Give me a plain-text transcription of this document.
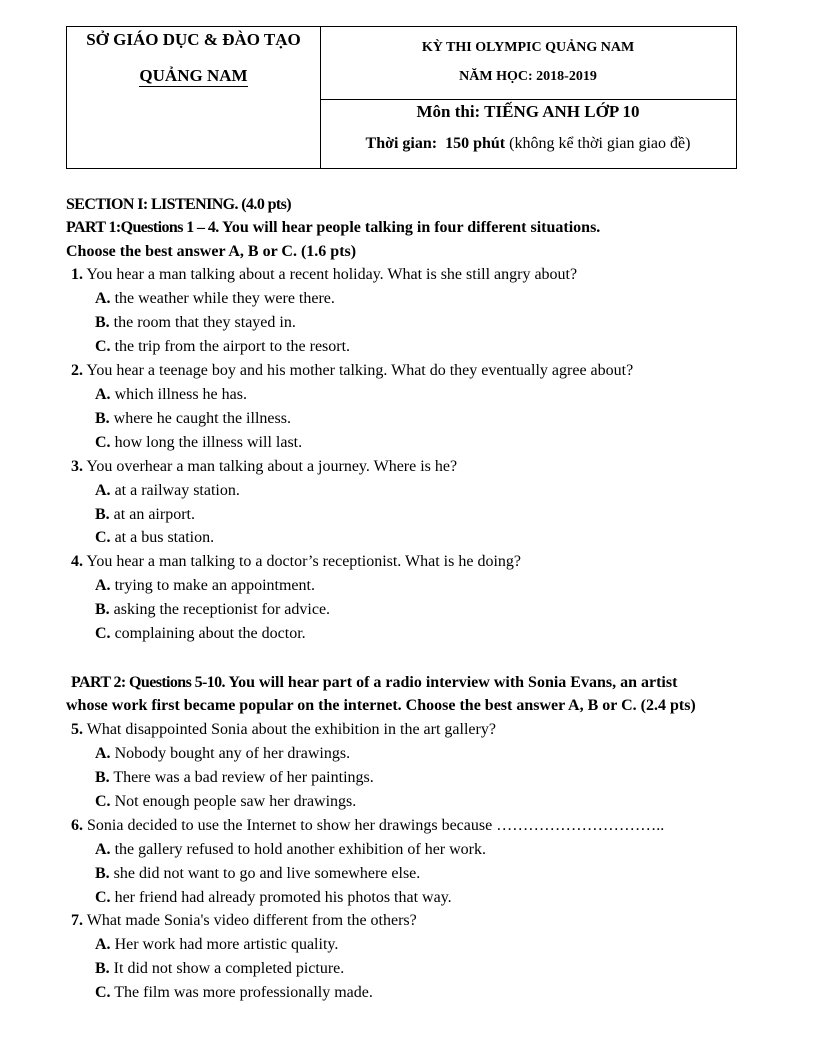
SỞ GIÁO DỤC & ĐÀO TẠO
QUẢNG NAM
KỲ THI OLYMPIC QUẢNG NAM
NĂM HỌC: 2018-2019
Môn thi: TIẾNG ANH LỚP 10
Thời gian: 150 phút (không kể thời gian giao đề)
SECTION I: LISTENING. (4.0 pts)
PART 1:Questions 1 – 4. You will hear people talking in four different situations.
Choose the best answer A, B or C. (1.6 pts)
1. You hear a man talking about a recent holiday. What is she still angry about?
A. the weather while they were there.
B. the room that they stayed in.
C. the trip from the airport to the resort.
2. You hear a teenage boy and his mother talking. What do they eventually agree about?
A. which illness he has.
B. where he caught the illness.
C. how long the illness will last.
3. You overhear a man talking about a journey. Where is he?
A. at a railway station.
B. at an airport.
C. at a bus station.
4. You hear a man talking to a doctor’s receptionist. What is he doing?
A. trying to make an appointment.
B. asking the receptionist for advice.
C. complaining about the doctor.
PART 2: Questions 5-10. You will hear part of a radio interview with Sonia Evans, an artist
whose work first became popular on the internet. Choose the best answer A, B or C. (2.4 pts)
5. What disappointed Sonia about the exhibition in the art gallery?
A. Nobody bought any of her drawings.
B. There was a bad review of her paintings.
C. Not enough people saw her drawings.
6. Sonia decided to use the Internet to show her drawings because …………………………..
A. the gallery refused to hold another exhibition of her work.
B. she did not want to go and live somewhere else.
C. her friend had already promoted his photos that way.
7. What made Sonia's video different from the others?
A. Her work had more artistic quality.
B. It did not show a completed picture.
C. The film was more professionally made.
